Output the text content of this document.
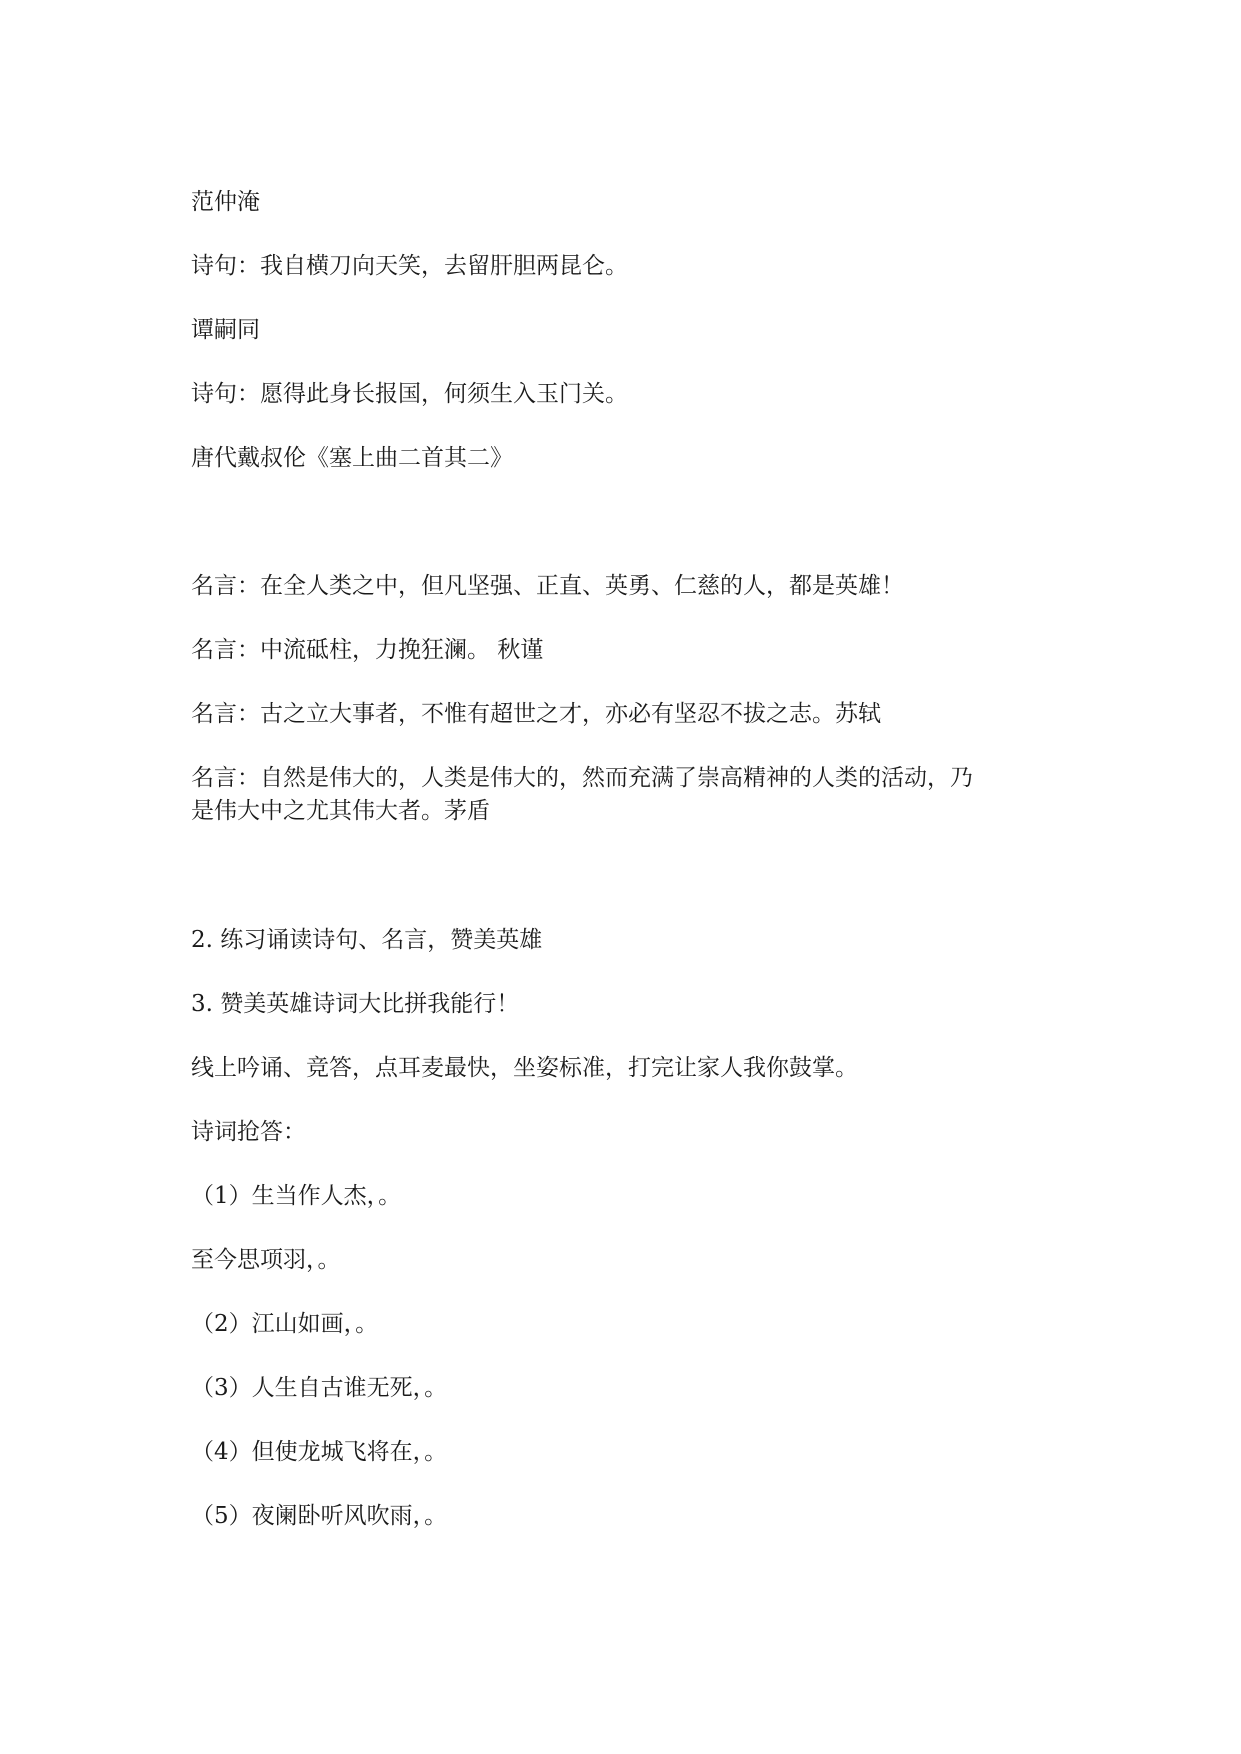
范仲淹
诗句：我自横刀向天笑，去留肝胆两昆仑。
谭嗣同
诗句：愿得此身长报国，何须生入玉门关。
唐代戴叔伦《塞上曲二首其二》
名言：在全人类之中，但凡坚强、正直、英勇、仁慈的人，都是英雄！
名言：中流砥柱，力挽狂澜。 秋谨
名言：古之立大事者，不惟有超世之才，亦必有坚忍不拔之志。苏轼
名言：自然是伟大的，人类是伟大的，然而充满了崇高精神的人类的活动，乃
是伟大中之尤其伟大者。茅盾
2. 练习诵读诗句、名言，赞美英雄
3. 赞美英雄诗词大比拼我能行！
线上吟诵、竞答，点耳麦最快，坐姿标准，打完让家人我你鼓掌。
诗词抢答：
（1）生当作人杰，。
至今思项羽，。
（2）江山如画，。
（3）人生自古谁无死，。
（4）但使龙城飞将在，。
（5）夜阑卧听风吹雨，。
